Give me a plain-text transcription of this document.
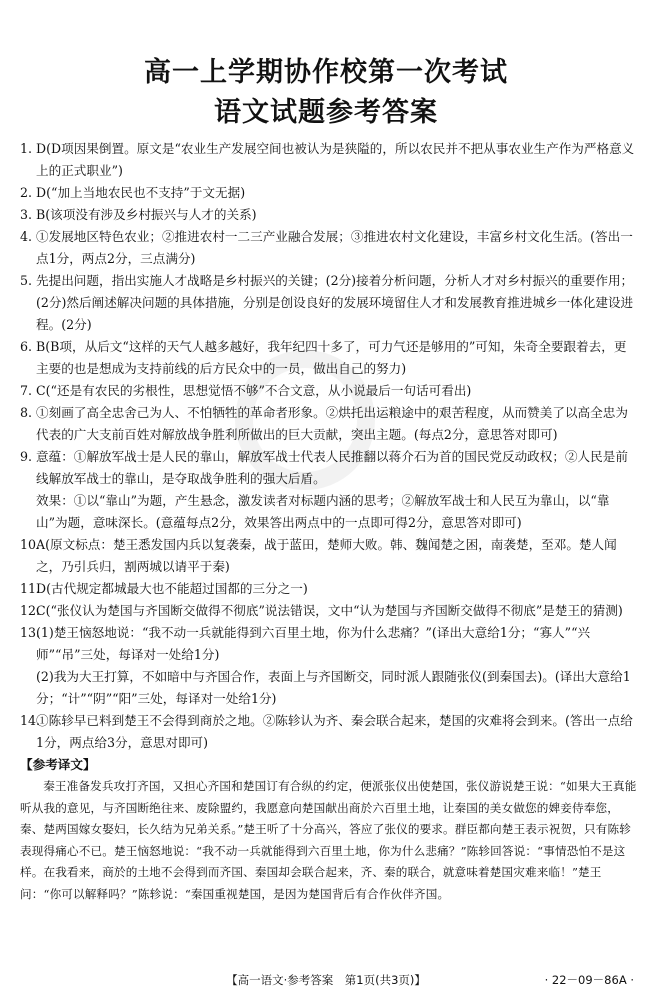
高一上学期协作校第一次考试
语文试题参考答案
1. D(D项因果倒置。原文是“农业生产发展空间也被认为是狭隘的，所以农民并不把从事农业生产作为严格意义上的正式职业”)
2. D(“加上当地农民也不支持”于文无据)
3. B(该项没有涉及乡村振兴与人才的关系)
4. ①发展地区特色农业；②推进农村一二三产业融合发展；③推进农村文化建设，丰富乡村文化生活。(答出一点1分，两点2分，三点满分)
5. 先提出问题，指出实施人才战略是乡村振兴的关键；(2分)接着分析问题，分析人才对乡村振兴的重要作用；(2分)然后阐述解决问题的具体措施，分别是创设良好的发展环境留住人才和发展教育推进城乡一体化建设进程。(2分)
6. B(B项，从后文“这样的天气人越多越好，我年纪四十多了，可力气还是够用的”可知，朱奇全要跟着去，更主要的也是想成为支持前线的后方民众中的一员，做出自己的努力)
7. C(“还是有农民的劣根性，思想觉悟不够”不合文意，从小说最后一句话可看出)
8. ①刻画了高全忠舍己为人、不怕牺牲的革命者形象。②烘托出运粮途中的艰苦程度，从而赞美了以高全忠为代表的广大支前百姓对解放战争胜利所做出的巨大贡献，突出主题。(每点2分，意思答对即可)
9. 意蕴：①解放军战士是人民的靠山，解放军战士代表人民推翻以蒋介石为首的国民党反动政权；②人民是前线解放军战士的靠山，是夺取战争胜利的强大后盾。
效果：①以“靠山”为题，产生悬念，激发读者对标题内涵的思考；②解放军战士和人民互为靠山，以“靠山”为题，意味深长。(意蕴每点2分，效果答出两点中的一点即可得2分，意思答对即可)
10.
A(原文标点：楚王悉发国内兵以复袭秦，战于蓝田，楚师大败。韩、魏闻楚之困，南袭楚，至邓。楚人闻之，乃引兵归，割两城以请平于秦)
11.
D(古代规定都城最大也不能超过国都的三分之一)
12.
C(“张仪认为楚国与齐国断交做得不彻底”说法错误，文中“认为楚国与齐国断交做得不彻底”是楚王的猜测)
13.
(1)楚王恼怒地说：“我不动一兵就能得到六百里土地，你为什么悲痛？”(译出大意给1分；“寡人”“兴师”“吊”三处，每译对一处给1分)
(2)我为大王打算，不如暗中与齐国合作，表面上与齐国断交，同时派人跟随张仪(到秦国去)。(译出大意给1分；“计”“阴”“阳”三处，每译对一处给1分)
14.
①陈轸早已料到楚王不会得到商於之地。②陈轸认为齐、秦会联合起来，楚国的灾难将会到来。(答出一点给1分，两点给3分，意思对即可)
【参考译文】
秦王准备发兵攻打齐国，又担心齐国和楚国订有合纵的约定，便派张仪出使楚国，张仪游说楚王说：“如果大王真能听从我的意见，与齐国断绝往来、废除盟约，我愿意向楚国献出商於六百里土地，让秦国的美女做您的婢妾侍奉您，秦、楚两国嫁女娶妇，长久结为兄弟关系。”楚王听了十分高兴，答应了张仪的要求。群臣都向楚王表示祝贺，只有陈轸表现得痛心不已。楚王恼怒地说：“我不动一兵就能得到六百里土地，你为什么悲痛？”陈轸回答说：“事情恐怕不是这样。在我看来，商於的土地不会得到而齐国、秦国却会联合起来，齐、秦的联合，就意味着楚国灾难来临！”楚王问：“你可以解释吗？”陈轸说：“秦国重视楚国，是因为楚国背后有合作伙伴齐国。
【高一语文·参考答案　第1页(共3页)】	· 22－09－86A ·
